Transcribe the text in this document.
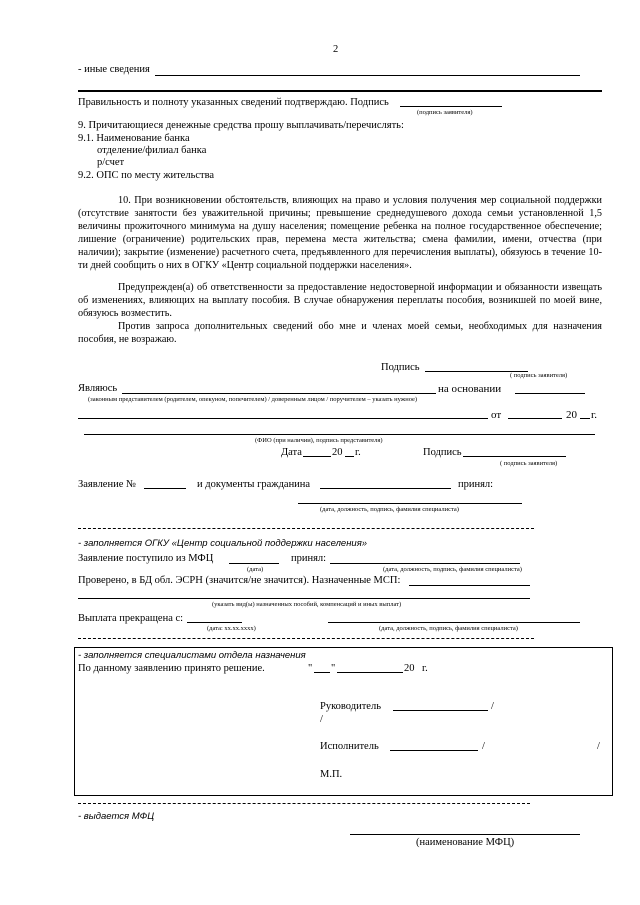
2
- иные сведения
Правильность и полноту указанных сведений подтверждаю. Подпись
(подпись заявителя)
9. Причитающиеся денежные средства прошу выплачивать/перечислять:
9.1. Наименование банка
отделение/филиал банка
р/счет
9.2. ОПС по месту жительства
10. При возникновении обстоятельств, влияющих на право и условия получения мер социальной поддержки (отсутствие занятости без уважительной причины; превышение среднедушевого дохода семьи установленной 1,5 величины прожиточного минимума на душу населения; помещение ребенка на полное государственное обеспечение; лишение (ограничение) родительских прав, перемена места жительства; смена фамилии, имени, отчества (при наличии); закрытие (изменение) расчетного счета, предъявленного для перечисления выплаты), обязуюсь в течение 10-ти дней сообщить о них в ОГКУ «Центр социальной поддержки населения».
Предупрежден(а) об ответственности за предоставление недостоверной информации и обязанности извещать об изменениях, влияющих на выплату пособия. В случае обнаружения переплаты пособия, возникшей по моей вине, обязуюсь возместить.
Против запроса дополнительных сведений обо мне и членах моей семьи, необходимых для назначения пособия, не возражаю.
Подпись
( подпись заявителя)
Являюсь	на основании
(законным представителем (родителем, опекуном, попечителем) / доверенным лицом / поручителем – указать нужное)
от	20 г.
(ФИО (при наличии), подпись представителя)
Дата	20 г.	Подпись
( подпись заявителя)
Заявление №	и документы гражданина	принял:
(дата, должность, подпись, фамилия специалиста)
- заполняется ОГКУ «Центр социальной поддержки населения»
Заявление поступило из МФЦ	принял:
(дата)	(дата, должность, подпись, фамилия специалиста)
Проверено, в БД обл. ЭСРН (значится/не значится). Назначенные МСП:
(указать вид(ы) назначенных пособий, компенсаций и иных выплат)
Выплата прекращена с:
(дата: хх.хх.хххх)	(дата, должность, подпись, фамилия специалиста)
- заполняется специалистами отдела назначения
По данному заявлению принято решение.	" "	20 г.
Руководитель	/
/
Исполнитель	/	/
М.П.
- выдается МФЦ
(наименование МФЦ)
